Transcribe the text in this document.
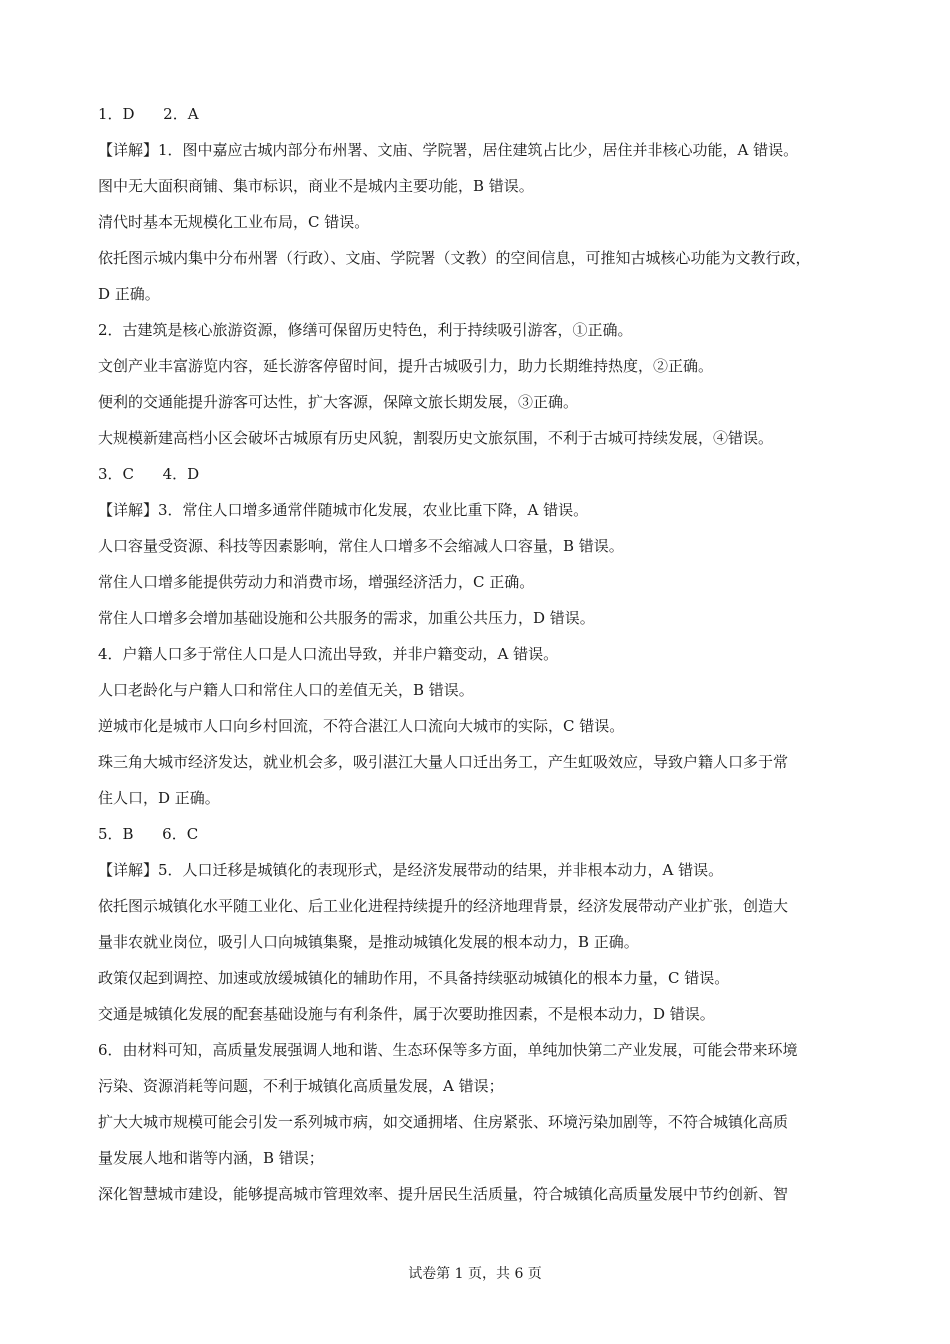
1．D      2．A
【详解】1．图中嘉应古城内部分布州署、文庙、学院署，居住建筑占比少，居住并非核心功能，A 错误。
图中无大面积商铺、集市标识，商业不是城内主要功能，B 错误。
清代时基本无规模化工业布局，C 错误。
依托图示城内集中分布州署（行政）、文庙、学院署（文教）的空间信息，可推知古城核心功能为文教行政，
D 正确。
2．古建筑是核心旅游资源，修缮可保留历史特色，利于持续吸引游客，①正确。
文创产业丰富游览内容，延长游客停留时间，提升古城吸引力，助力长期维持热度，②正确。
便利的交通能提升游客可达性，扩大客源，保障文旅长期发展，③正确。
大规模新建高档小区会破坏古城原有历史风貌，割裂历史文旅氛围，不利于古城可持续发展，④错误。
3．C      4．D
【详解】3．常住人口增多通常伴随城市化发展，农业比重下降，A 错误。
人口容量受资源、科技等因素影响，常住人口增多不会缩减人口容量，B 错误。
常住人口增多能提供劳动力和消费市场，增强经济活力，C 正确。
常住人口增多会增加基础设施和公共服务的需求，加重公共压力，D 错误。
4．户籍人口多于常住人口是人口流出导致，并非户籍变动，A 错误。
人口老龄化与户籍人口和常住人口的差值无关，B 错误。
逆城市化是城市人口向乡村回流，不符合湛江人口流向大城市的实际，C 错误。
珠三角大城市经济发达，就业机会多，吸引湛江大量人口迁出务工，产生虹吸效应，导致户籍人口多于常
住人口，D 正确。
5．B      6．C
【详解】5．人口迁移是城镇化的表现形式，是经济发展带动的结果，并非根本动力，A 错误。
依托图示城镇化水平随工业化、后工业化进程持续提升的经济地理背景，经济发展带动产业扩张，创造大
量非农就业岗位，吸引人口向城镇集聚，是推动城镇化发展的根本动力，B 正确。
政策仅起到调控、加速或放缓城镇化的辅助作用，不具备持续驱动城镇化的根本力量，C 错误。
交通是城镇化发展的配套基础设施与有利条件，属于次要助推因素，不是根本动力，D 错误。
6．由材料可知，高质量发展强调人地和谐、生态环保等多方面，单纯加快第二产业发展，可能会带来环境
污染、资源消耗等问题，不利于城镇化高质量发展，A 错误；
扩大大城市规模可能会引发一系列城市病，如交通拥堵、住房紧张、环境污染加剧等，不符合城镇化高质
量发展人地和谐等内涵，B 错误；
深化智慧城市建设，能够提高城市管理效率、提升居民生活质量，符合城镇化高质量发展中节约创新、智
试卷第 1 页，共 6 页
